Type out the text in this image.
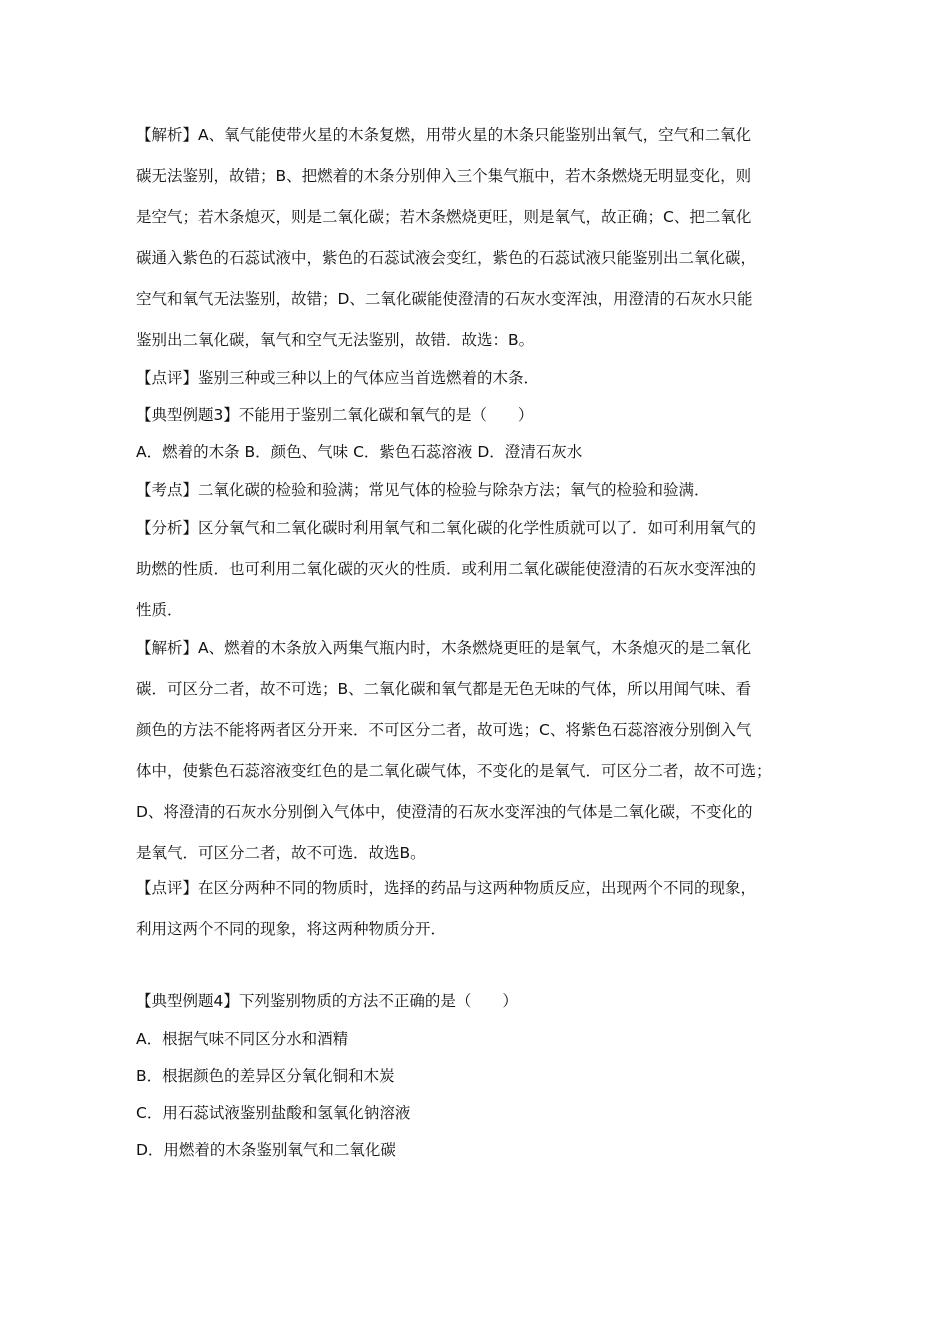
【解析】A、氧气能使带火星的木条复燃，用带火星的木条只能鉴别出氧气，空气和二氧化
碳无法鉴别，故错；B、把燃着的木条分别伸入三个集气瓶中，若木条燃烧无明显变化，则
是空气；若木条熄灭，则是二氧化碳；若木条燃烧更旺，则是氧气，故正确；C、把二氧化
碳通入紫色的石蕊试液中，紫色的石蕊试液会变红，紫色的石蕊试液只能鉴别出二氧化碳，
空气和氧气无法鉴别，故错；D、二氧化碳能使澄清的石灰水变浑浊，用澄清的石灰水只能
鉴别出二氧化碳，氧气和空气无法鉴别，故错．故选：B。
【点评】鉴别三种或三种以上的气体应当首选燃着的木条．
【典型例题3】不能用于鉴别二氧化碳和氧气的是（　　）
A．燃着的木条 B．颜色、气味 C．紫色石蕊溶液 D．澄清石灰水
【考点】二氧化碳的检验和验满；常见气体的检验与除杂方法；氧气的检验和验满．
【分析】区分氧气和二氧化碳时利用氧气和二氧化碳的化学性质就可以了．如可利用氧气的
助燃的性质．也可利用二氧化碳的灭火的性质．或利用二氧化碳能使澄清的石灰水变浑浊的
性质．
【解析】A、燃着的木条放入两集气瓶内时，木条燃烧更旺的是氧气，木条熄灭的是二氧化
碳．可区分二者，故不可选；B、二氧化碳和氧气都是无色无味的气体，所以用闻气味、看
颜色的方法不能将两者区分开来．不可区分二者，故可选；C、将紫色石蕊溶液分别倒入气
体中，使紫色石蕊溶液变红色的是二氧化碳气体，不变化的是氧气．可区分二者，故不可选；
D、将澄清的石灰水分别倒入气体中，使澄清的石灰水变浑浊的气体是二氧化碳，不变化的
是氧气．可区分二者，故不可选．故选B。
【点评】在区分两种不同的物质时，选择的药品与这两种物质反应，出现两个不同的现象，
利用这两个不同的现象，将这两种物质分开．
【典型例题4】下列鉴别物质的方法不正确的是（　　）
A．根据气味不同区分水和酒精
B．根据颜色的差异区分氧化铜和木炭
C．用石蕊试液鉴别盐酸和氢氧化钠溶液
D．用燃着的木条鉴别氧气和二氧化碳
